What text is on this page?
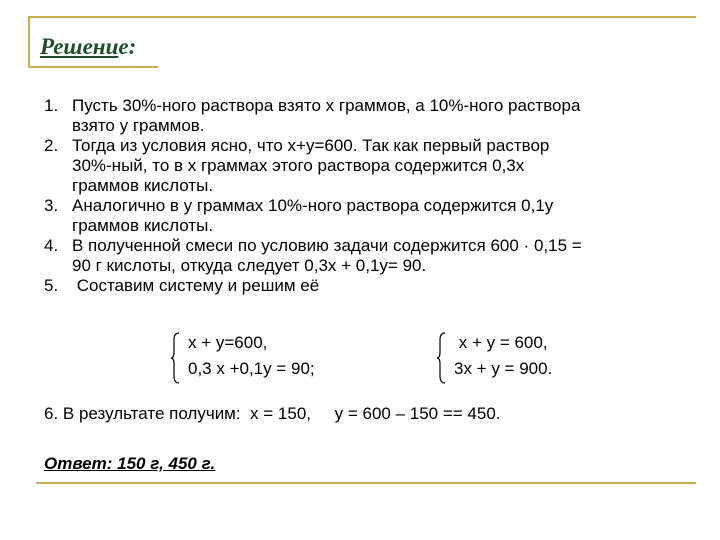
Решение:
1. Пусть 30%-ного раствора взято х граммов, а 10%-ного раствора
взято у граммов.
2. Тогда из условия ясно, что х+у=600. Так как первый раствор
30%-ный, то в х граммах этого раствора содержится 0,3х
граммов кислоты.
3. Аналогично в у граммах 10%-ного раствора содержится 0,1у
граммов кислоты.
4. В полученной смеси по условию задачи содержится 600 · 0,15 =
90 г кислоты, откуда следует 0,3х + 0,1у= 90.
5. Составим систему и решим её
х + у=600,
0,3 х +0,1у = 90;
х + у = 600,
3х + у = 900.
6. В результате получим:  х = 150,     у = 600 – 150 == 450.
Ответ: 150 г, 450 г.
